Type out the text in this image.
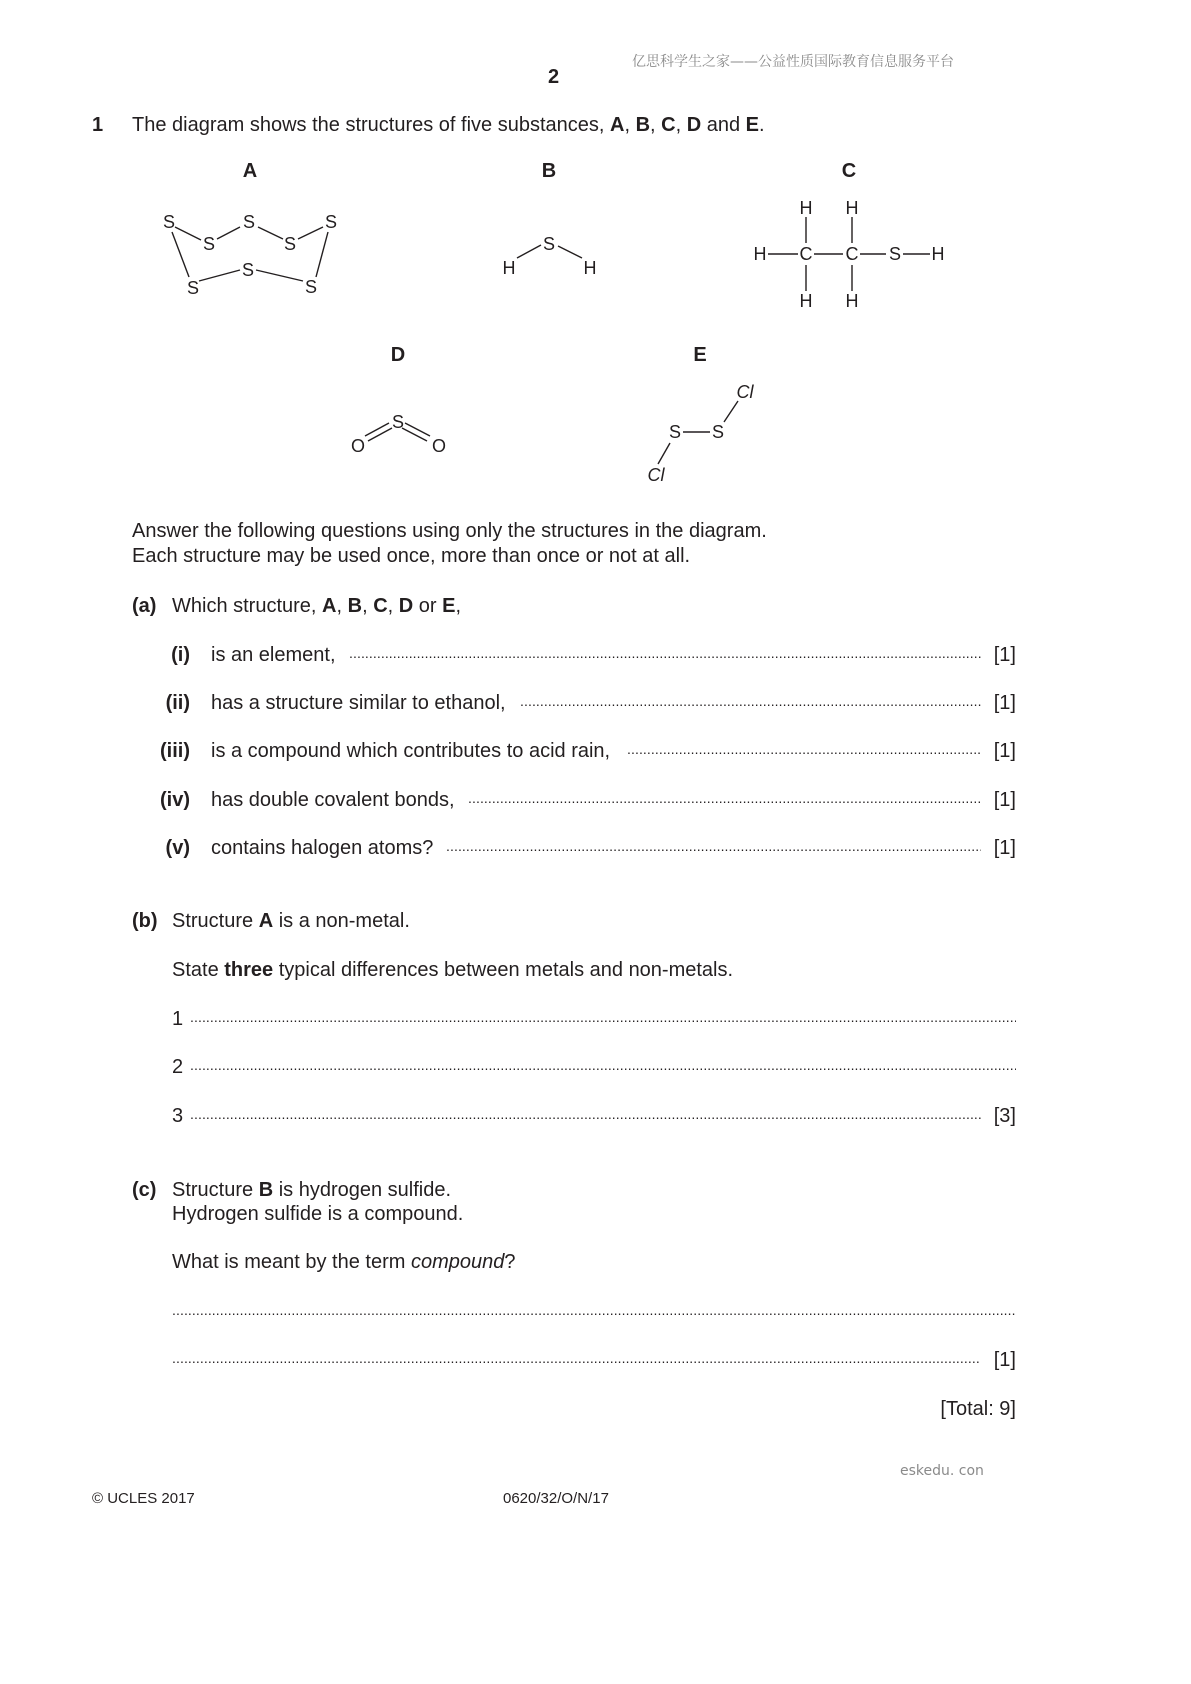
亿思科学生之家——公益性质国际教育信息服务平台
2
1 The diagram shows the structures of five substances, A, B, C, D and E.
A	B	C
D	E
S
S
S
S
S
S
S	S
S
H	H
H H
H C C S H
H H
S
O	O
Cl
S S
Cl
Answer the following questions using only the structures in the diagram.
Each structure may be used once, more than once or not at all.
(a) Which structure, A, B, C, D or E,
(i) is an element, . . .	[1]
(ii) has a structure similar to ethanol, . . .	[1]
(iii) is a compound which contributes to acid rain, . . .	[1]
(iv) has double covalent bonds, . . .	[1]
(v) contains halogen atoms? . . .	[1]
(b) Structure A is a non-metal.
State three typical differences between metals and non-metals.
1
. . .
2
. . .
3 . . .	[3]
(c) Structure B is hydrogen sulfide.
Hydrogen sulfide is a compound.
What is meant by the term compound?
. . .
. . .
[1]
[Total: 9]
eskedu. con
© UCLES 2017	0620/32/O/N/17
